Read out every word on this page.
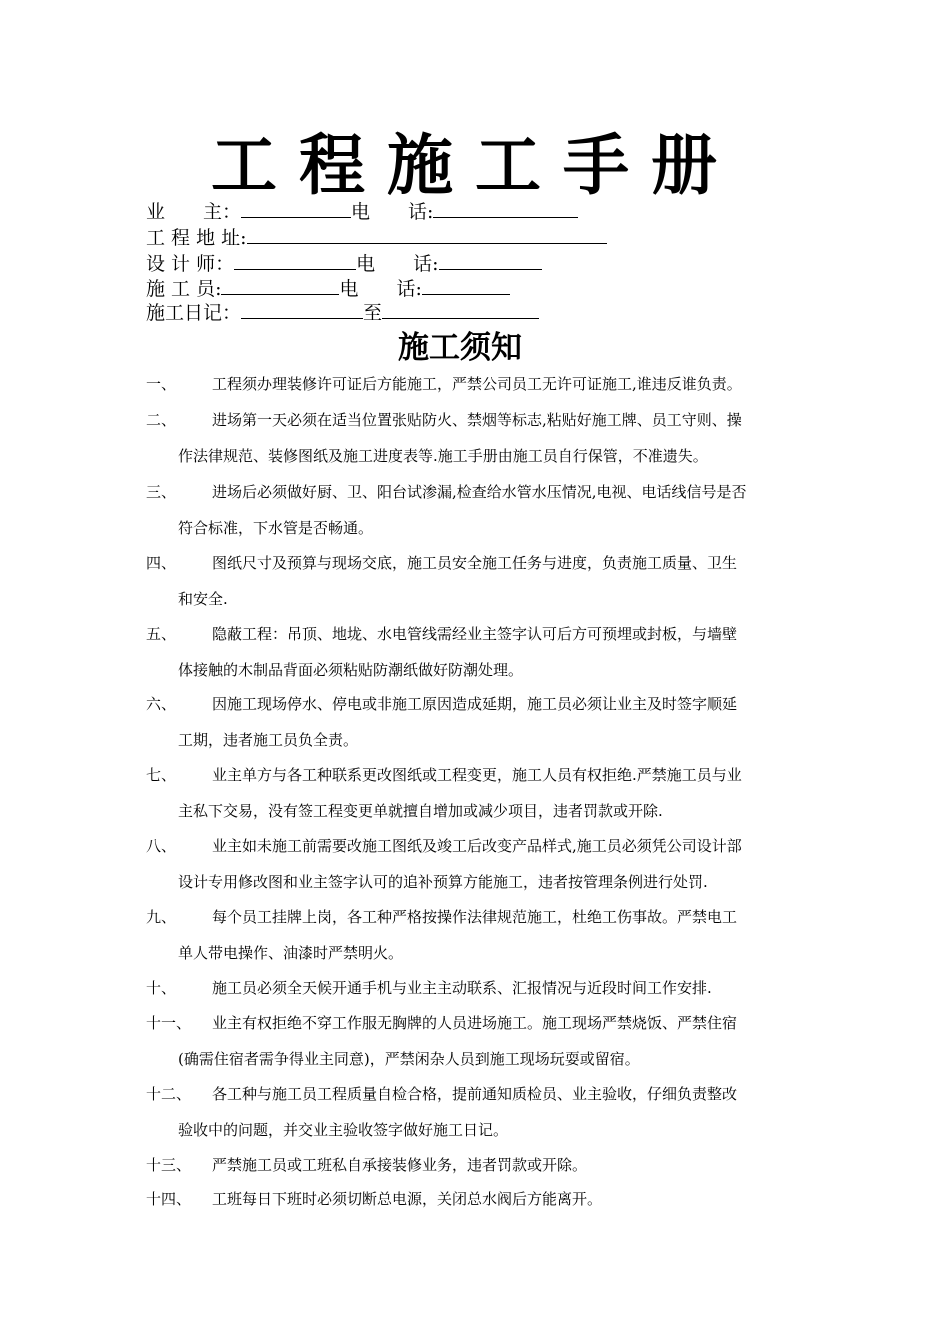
工程施工手册
业　　主：	电　　话:
工 程 地 址:
设 计 师：	电　　话:
施 工 员:	电　　话:
施工日记：	至
施工须知
一、 工程须办理装修许可证后方能施工，严禁公司员工无许可证施工,谁违反谁负责。
二、 进场第一天必须在适当位置张贴防火、禁烟等标志,粘贴好施工牌、员工守则、操
作法律规范、装修图纸及施工进度表等.施工手册由施工员自行保管，不准遗失。
三、 进场后必须做好厨、卫、阳台试渗漏,检查给水管水压情况,电视、电话线信号是否
符合标准，下水管是否畅通。
四、 图纸尺寸及预算与现场交底，施工员安全施工任务与进度，负责施工质量、卫生
和安全.
五、 隐蔽工程：吊顶、地垅、水电管线需经业主签字认可后方可预埋或封板，与墙壁
体接触的木制品背面必须粘贴防潮纸做好防潮处理。
六、 因施工现场停水、停电或非施工原因造成延期，施工员必须让业主及时签字顺延
工期，违者施工员负全责。
七、 业主单方与各工种联系更改图纸或工程变更，施工人员有权拒绝.严禁施工员与业
主私下交易，没有签工程变更单就擅自增加或减少项目，违者罚款或开除.
八、 业主如未施工前需要改施工图纸及竣工后改变产品样式,施工员必须凭公司设计部
设计专用修改图和业主签字认可的追补预算方能施工，违者按管理条例进行处罚.
九、 每个员工挂牌上岗，各工种严格按操作法律规范施工，杜绝工伤事故。严禁电工
单人带电操作、油漆时严禁明火。
十、 施工员必须全天候开通手机与业主主动联系、汇报情况与近段时间工作安排.
十一、 业主有权拒绝不穿工作服无胸牌的人员进场施工。施工现场严禁烧饭、严禁住宿
(确需住宿者需争得业主同意)，严禁闲杂人员到施工现场玩耍或留宿。
十二、 各工种与施工员工程质量自检合格，提前通知质检员、业主验收，仔细负责整改
验收中的问题，并交业主验收签字做好施工日记。
十三、 严禁施工员或工班私自承接装修业务，违者罚款或开除。
十四、 工班每日下班时必须切断总电源，关闭总水阀后方能离开。
